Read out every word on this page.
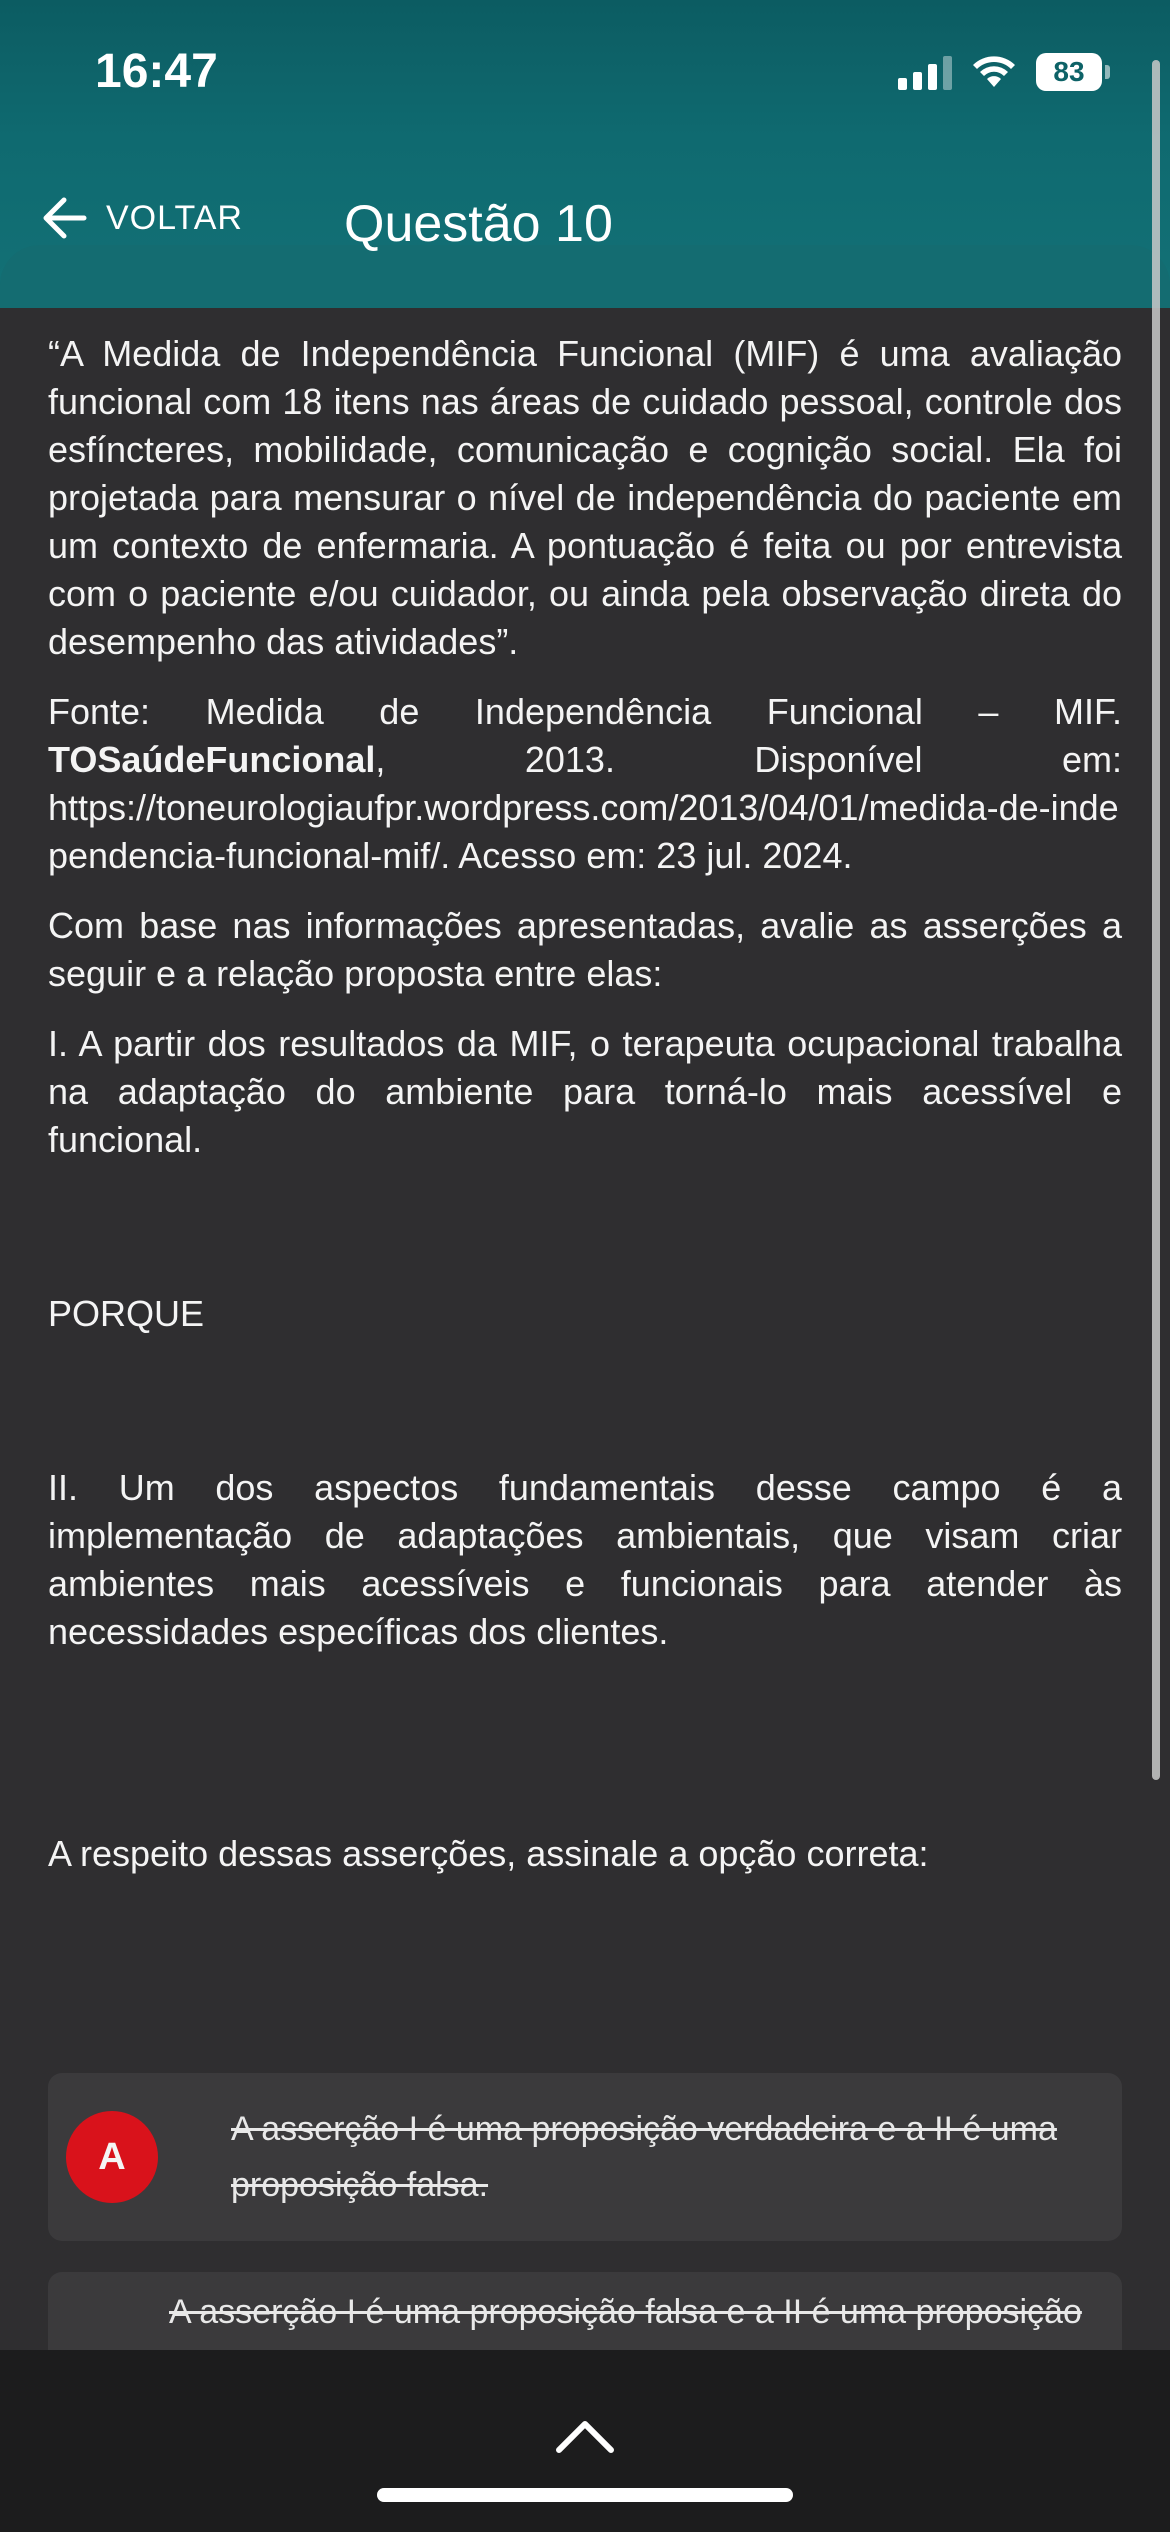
16:47	83
VOLTAR Questão 10

“A Medida de Independência Funcional (MIF) é uma avaliação funcional com 18 itens nas áreas de cuidado pessoal, controle dos esfíncteres, mobilidade, comunicação e cognição social. Ela foi projetada para mensurar o nível de independência do paciente em um contexto de enfermaria. A pontuação é feita ou por entrevista com o paciente e/ou cuidador, ou ainda pela observação direta do desempenho das atividades”.

Fonte: Medida de Independência Funcional – MIF.
TOSaúdeFuncional,	2013.	Disponível	em:
https://toneurologiaufpr.wordpress.com/2013/04/01/medida-de-independencia-funcional-mif/. Acesso em: 23 jul. 2024.

Com base nas informações apresentadas, avalie as asserções a seguir e a relação proposta entre elas:

I. A partir dos resultados da MIF, o terapeuta ocupacional trabalha na adaptação do ambiente para torná-lo mais acessível e funcional.

PORQUE

II. Um dos aspectos fundamentais desse campo é a implementação de adaptações ambientais, que visam criar ambientes mais acessíveis e funcionais para atender às necessidades específicas dos clientes.

A respeito dessas asserções, assinale a opção correta:

A
A asserção I é uma proposição verdadeira e a II é uma proposição falsa.
A asserção I é uma proposição falsa e a II é uma proposição
